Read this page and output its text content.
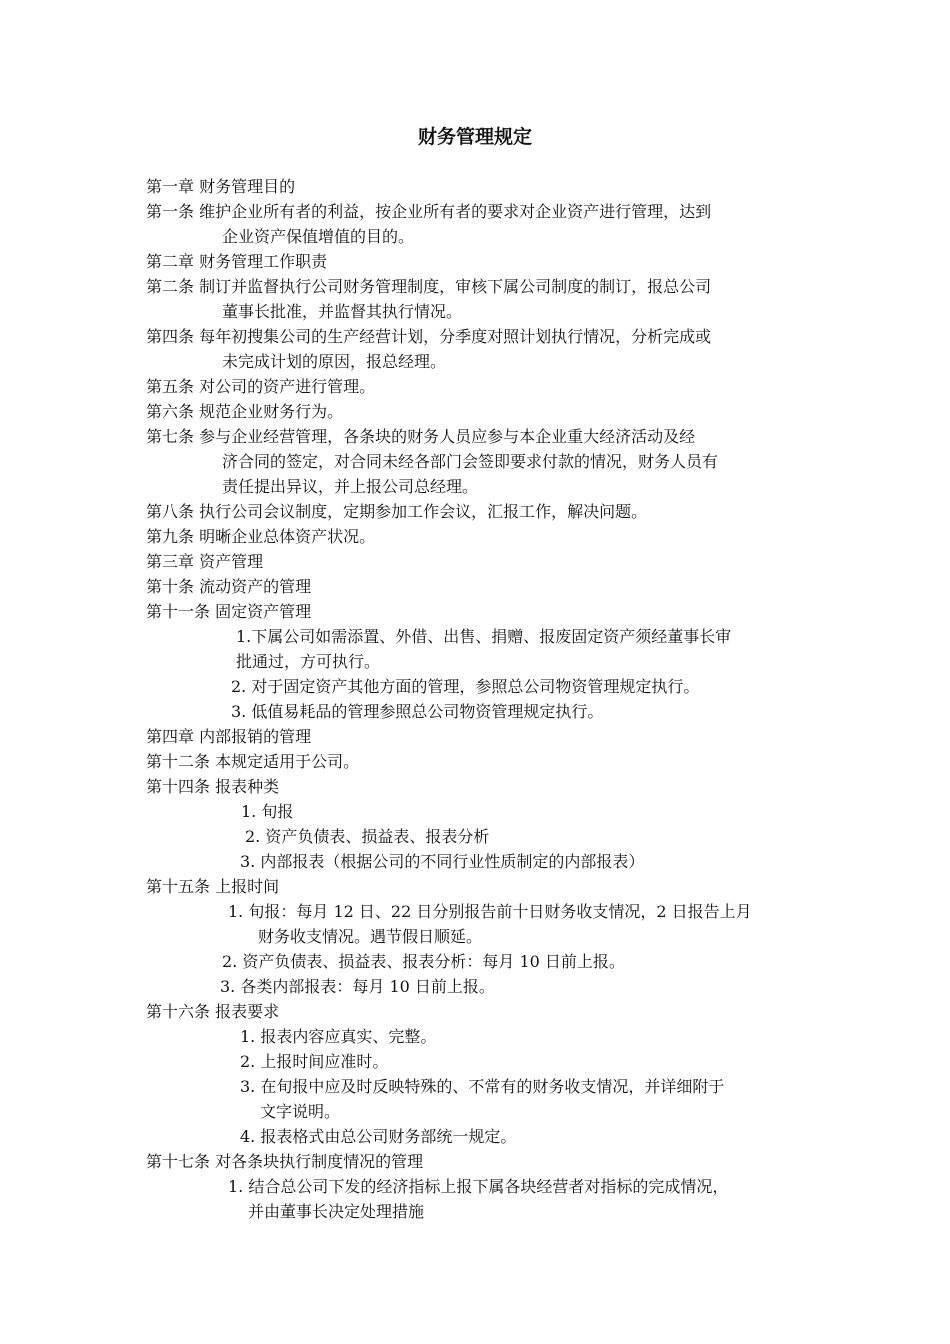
财务管理规定
第一章 财务管理目的
第一条 维护企业所有者的利益，按企业所有者的要求对企业资产进行管理，达到
企业资产保值增值的目的。
第二章 财务管理工作职责
第二条 制订并监督执行公司财务管理制度，审核下属公司制度的制订，报总公司
董事长批准，并监督其执行情况。
第四条 每年初搜集公司的生产经营计划，分季度对照计划执行情况，分析完成或
未完成计划的原因，报总经理。
第五条 对公司的资产进行管理。
第六条 规范企业财务行为。
第七条 参与企业经营管理，各条块的财务人员应参与本企业重大经济活动及经
济合同的签定，对合同未经各部门会签即要求付款的情况，财务人员有
责任提出异议，并上报公司总经理。
第八条 执行公司会议制度，定期参加工作会议，汇报工作，解决问题。
第九条 明晰企业总体资产状况。
第三章 资产管理
第十条 流动资产的管理
第十一条 固定资产管理
1.下属公司如需添置、外借、出售、捐赠、报废固定资产须经董事长审
批通过，方可执行。
2. 对于固定资产其他方面的管理，参照总公司物资管理规定执行。
3. 低值易耗品的管理参照总公司物资管理规定执行。
第四章 内部报销的管理
第十二条 本规定适用于公司。
第十四条 报表种类
1. 旬报
2. 资产负债表、损益表、报表分析
3. 内部报表（根据公司的不同行业性质制定的内部报表）
第十五条 上报时间
1. 旬报：每月 12 日、22 日分别报告前十日财务收支情况，2 日报告上月
财务收支情况。遇节假日顺延。
2. 资产负债表、损益表、报表分析：每月 10 日前上报。
3. 各类内部报表：每月 10 日前上报。
第十六条 报表要求
1. 报表内容应真实、完整。
2. 上报时间应准时。
3. 在旬报中应及时反映特殊的、不常有的财务收支情况，并详细附于
文字说明。
4. 报表格式由总公司财务部统一规定。
第十七条 对各条块执行制度情况的管理
1. 结合总公司下发的经济指标上报下属各块经营者对指标的完成情况，
并由董事长决定处理措施
